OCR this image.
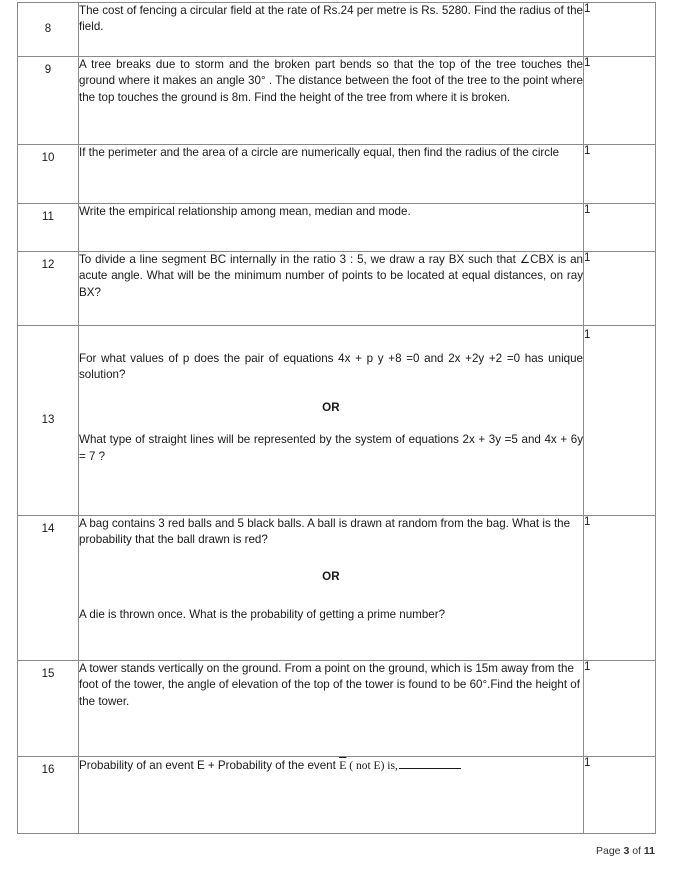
8	The cost of fencing a circular field at the rate of Rs.24 per metre is Rs. 5280. Find the radius of the field.	1

9	A tree breaks due to storm and the broken part bends so that the top of the tree touches the ground where it makes an angle 30° . The distance between the foot of the tree to the point where the top touches the ground is 8m. Find the height of the tree from where it is broken.	1

10	If the perimeter and the area of a circle are numerically equal, then find the radius of the circle	1

11	Write the empirical relationship among mean, median and mode.	1

12	To divide a line segment BC internally in the ratio 3 : 5, we draw a ray BX such that ∠CBX is an acute angle. What will be the minimum number of points to be located at equal distances, on ray BX?	1

13	For what values of p does the pair of equations 4x + p y +8 =0 and 2x +2y +2 =0 has unique solution?

OR

What type of straight lines will be represented by the system of equations 2x + 3y =5 and 4x + 6y = 7 ?	1

14	A bag contains 3 red balls and 5 black balls. A ball is drawn at random from the bag. What is the probability that the ball drawn is red?

OR

A die is thrown once. What is the probability of getting a prime number?	1

15	A tower stands vertically on the ground. From a point on the ground, which is 15m away from the foot of the tower, the angle of elevation of the top of the tower is found to be 60°.Find the height of the tower.	1

16	Probability of an event E + Probability of the event $\overline{E}$ ( not E) is,	1
Page 3 of 11
